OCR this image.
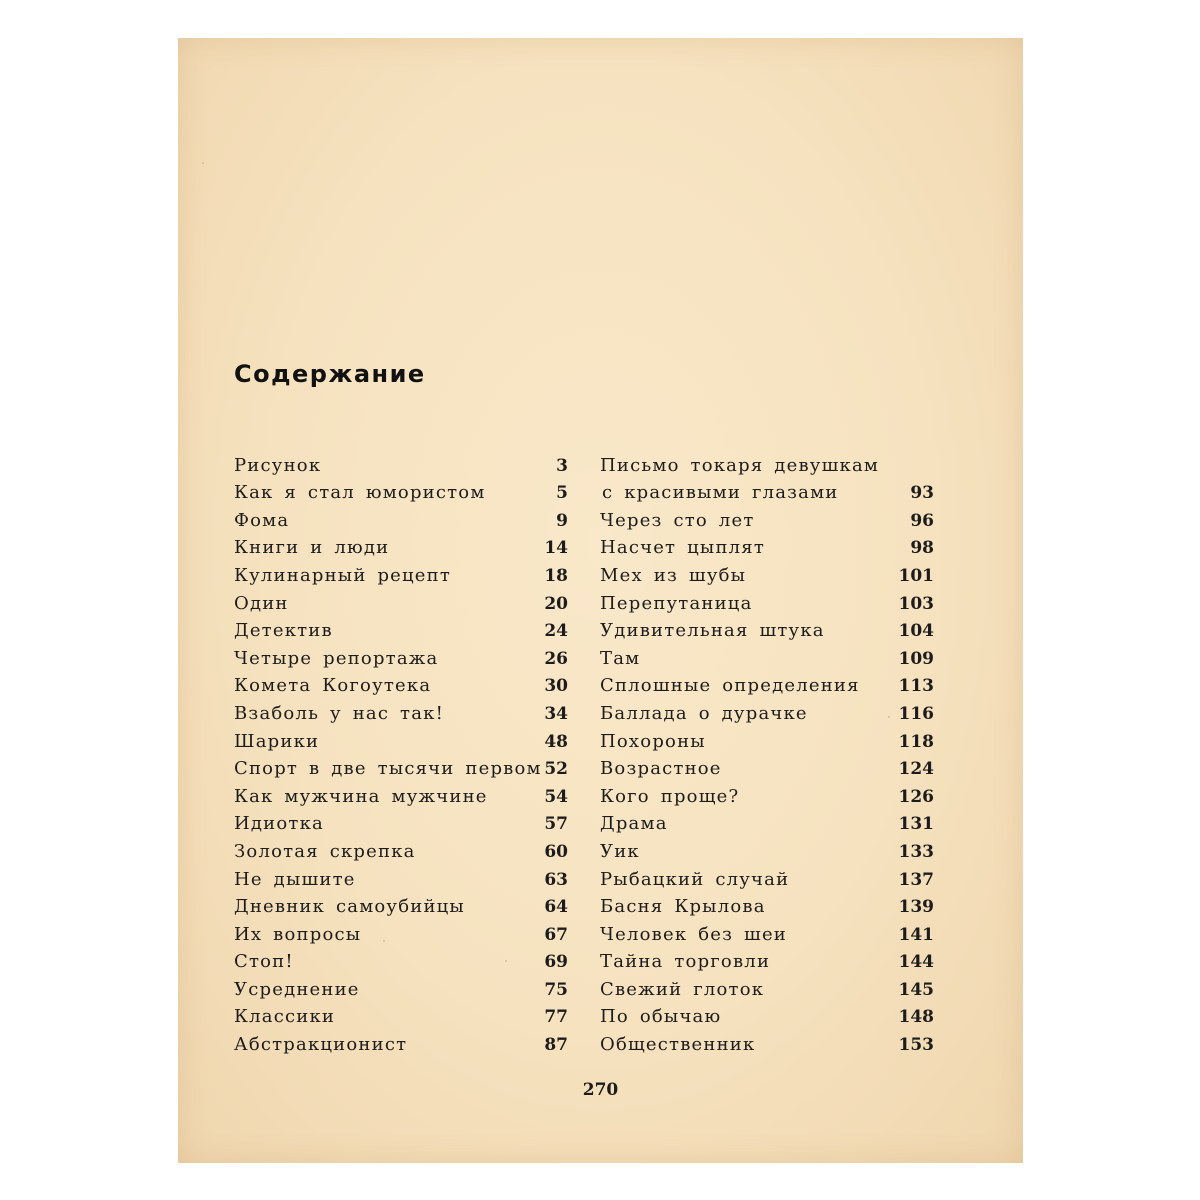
Содержание
Рисунок	3
Как я стал юмористом	5
Фома	9
Книги и люди	14
Кулинарный рецепт	18
Один	20
Детектив	24
Четыре репортажа	26
Комета Когоутека	30
Взаболь у нас так!	34
Шарики	48
Спорт в две тысячи первом 52
Как мужчина мужчине	54
Идиотка	57
Золотая скрепка	60
Не дышите	63
Дневник самоубийцы	64
Их вопросы	67
Стоп!	69
Усреднение	75
Классики	77
Абстракционист	87
Письмо токаря девушкам
с красивыми глазами	93
Через сто лет	96
Насчет цыплят	98
Мех из шубы	101
Перепутаница	103
Удивительная штука	104
Там	109
Сплошные определения 113
Баллада о дурачке	116
Похороны	118
Возрастное	124
Кого проще?	126
Драма	131
Уик	133
Рыбацкий случай	137
Басня Крылова	139
Человек без шеи	141
Тайна торговли	144
Свежий глоток	145
По обычаю	148
Общественник	153
270
